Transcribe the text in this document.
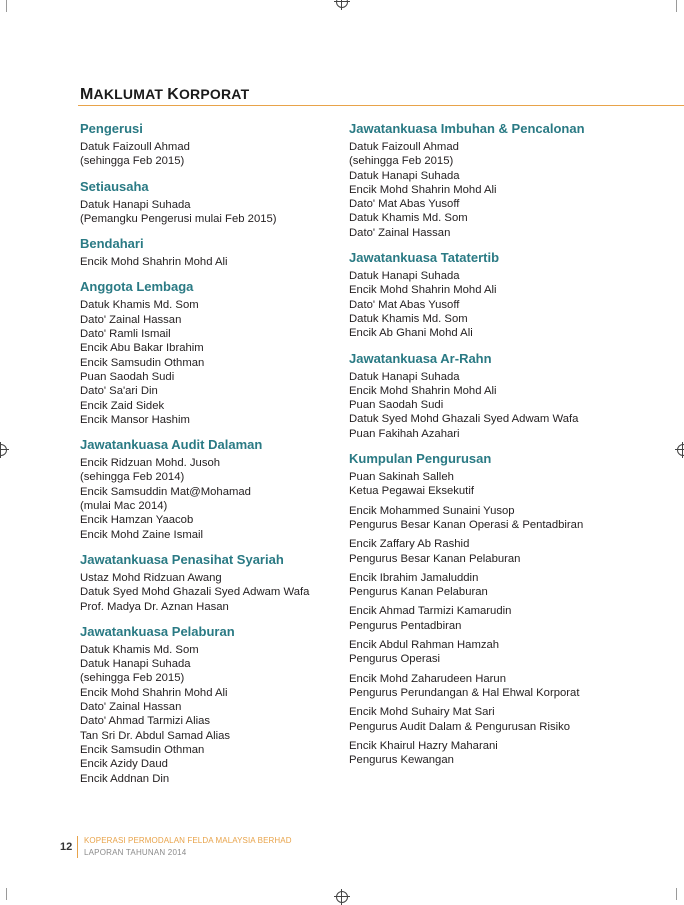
MAKLUMAT KORPORAT
Pengerusi
Datuk Faizoull Ahmad
(sehingga Feb 2015)
Setiausaha
Datuk Hanapi Suhada
(Pemangku Pengerusi mulai Feb 2015)
Bendahari
Encik Mohd Shahrin Mohd Ali
Anggota Lembaga
Datuk Khamis Md. Som
Dato' Zainal Hassan
Dato' Ramli Ismail
Encik Abu Bakar Ibrahim
Encik Samsudin Othman
Puan Saodah Sudi
Dato' Sa'ari Din
Encik Zaid Sidek
Encik Mansor Hashim
Jawatankuasa Audit Dalaman
Encik Ridzuan Mohd. Jusoh
(sehingga Feb 2014)
Encik Samsuddin Mat@Mohamad
(mulai Mac 2014)
Encik Hamzan Yaacob
Encik Mohd Zaine Ismail
Jawatankuasa Penasihat Syariah
Ustaz Mohd Ridzuan Awang
Datuk Syed Mohd Ghazali Syed Adwam Wafa
Prof. Madya Dr. Aznan Hasan
Jawatankuasa Pelaburan
Datuk Khamis Md. Som
Datuk Hanapi Suhada
(sehingga Feb 2015)
Encik Mohd Shahrin Mohd Ali
Dato' Zainal Hassan
Dato' Ahmad Tarmizi Alias
Tan Sri Dr. Abdul Samad Alias
Encik Samsudin Othman
Encik Azidy Daud
Encik Addnan Din
Jawatankuasa Imbuhan & Pencalonan
Datuk Faizoull Ahmad
(sehingga Feb 2015)
Datuk Hanapi Suhada
Encik Mohd Shahrin Mohd Ali
Dato' Mat Abas Yusoff
Datuk Khamis Md. Som
Dato' Zainal Hassan
Jawatankuasa Tatatertib
Datuk Hanapi Suhada
Encik Mohd Shahrin Mohd Ali
Dato' Mat Abas Yusoff
Datuk Khamis Md. Som
Encik Ab Ghani Mohd Ali
Jawatankuasa Ar-Rahn
Datuk Hanapi Suhada
Encik Mohd Shahrin Mohd Ali
Puan Saodah Sudi
Datuk Syed Mohd Ghazali Syed Adwam Wafa
Puan Fakihah Azahari
Kumpulan Pengurusan
Puan Sakinah Salleh
Ketua Pegawai Eksekutif
Encik Mohammed Sunaini Yusop
Pengurus Besar Kanan Operasi & Pentadbiran
Encik Zaffary Ab Rashid
Pengurus Besar Kanan Pelaburan
Encik Ibrahim Jamaluddin
Pengurus Kanan Pelaburan
Encik Ahmad Tarmizi Kamarudin
Pengurus Pentadbiran
Encik Abdul Rahman Hamzah
Pengurus Operasi
Encik Mohd Zaharudeen Harun
Pengurus Perundangan & Hal Ehwal Korporat
Encik Mohd Suhairy Mat Sari
Pengurus Audit Dalam & Pengurusan Risiko
Encik Khairul Hazry Maharani
Pengurus Kewangan
12
KOPERASI PERMODALAN FELDA MALAYSIA BERHAD
LAPORAN TAHUNAN 2014
